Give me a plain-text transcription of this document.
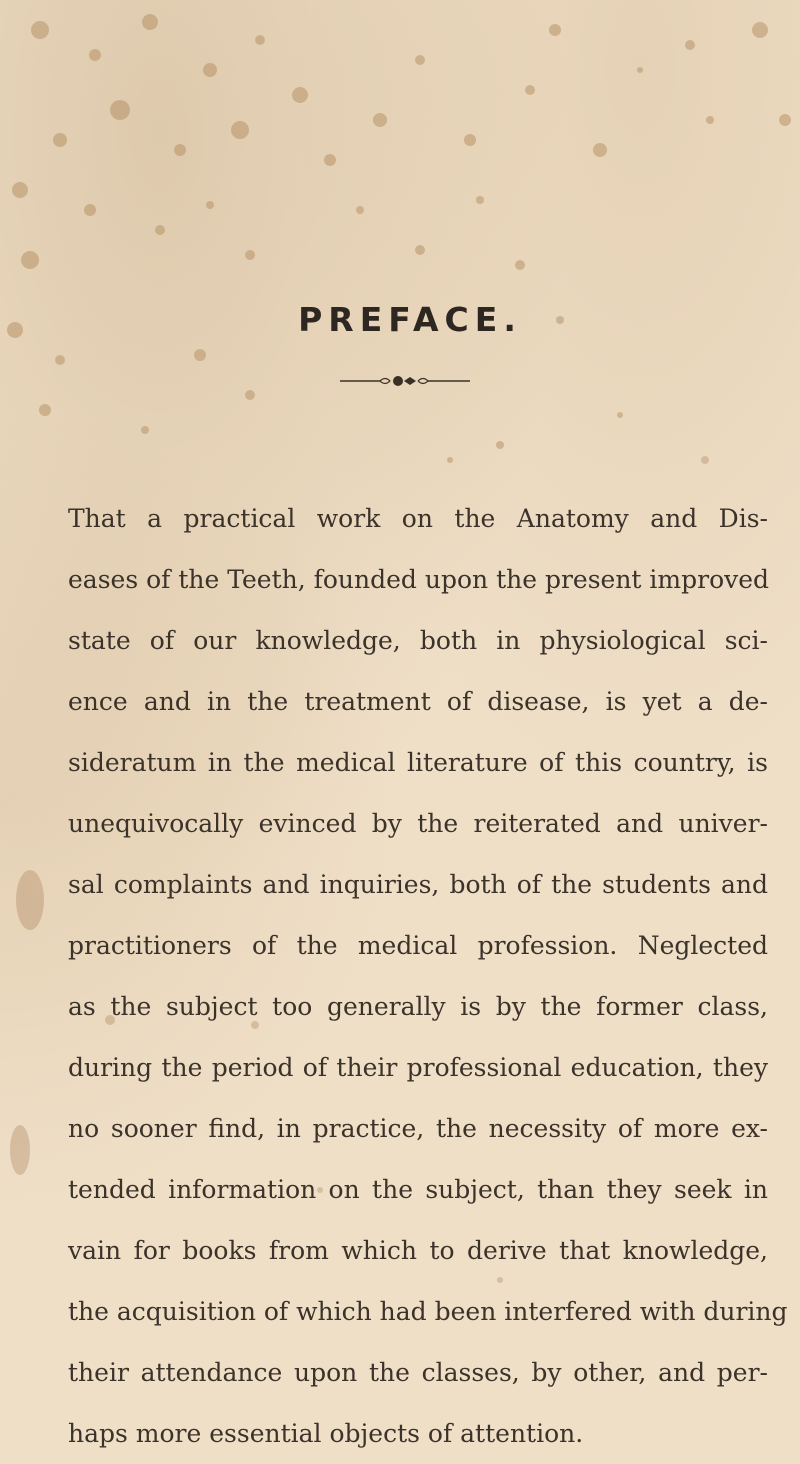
PREFACE.
That a practical work on the Anatomy and Dis-
eases of the Teeth, founded upon the present improved
state of our knowledge, both in physiological sci-
ence and in the treatment of disease, is yet a de-
sideratum in the medical literature of this country, is
unequivocally evinced by the reiterated and univer-
sal complaints and inquiries, both of the students and
practitioners of the medical profession. Neglected
as the subject too generally is by the former class,
during the period of their professional education, they
no sooner find, in practice, the necessity of more ex-
tended information on the subject, than they seek in
vain for books from which to derive that knowledge,
the acquisition of which had been interfered with during
their attendance upon the classes, by other, and per-
haps more essential objects of attention.
